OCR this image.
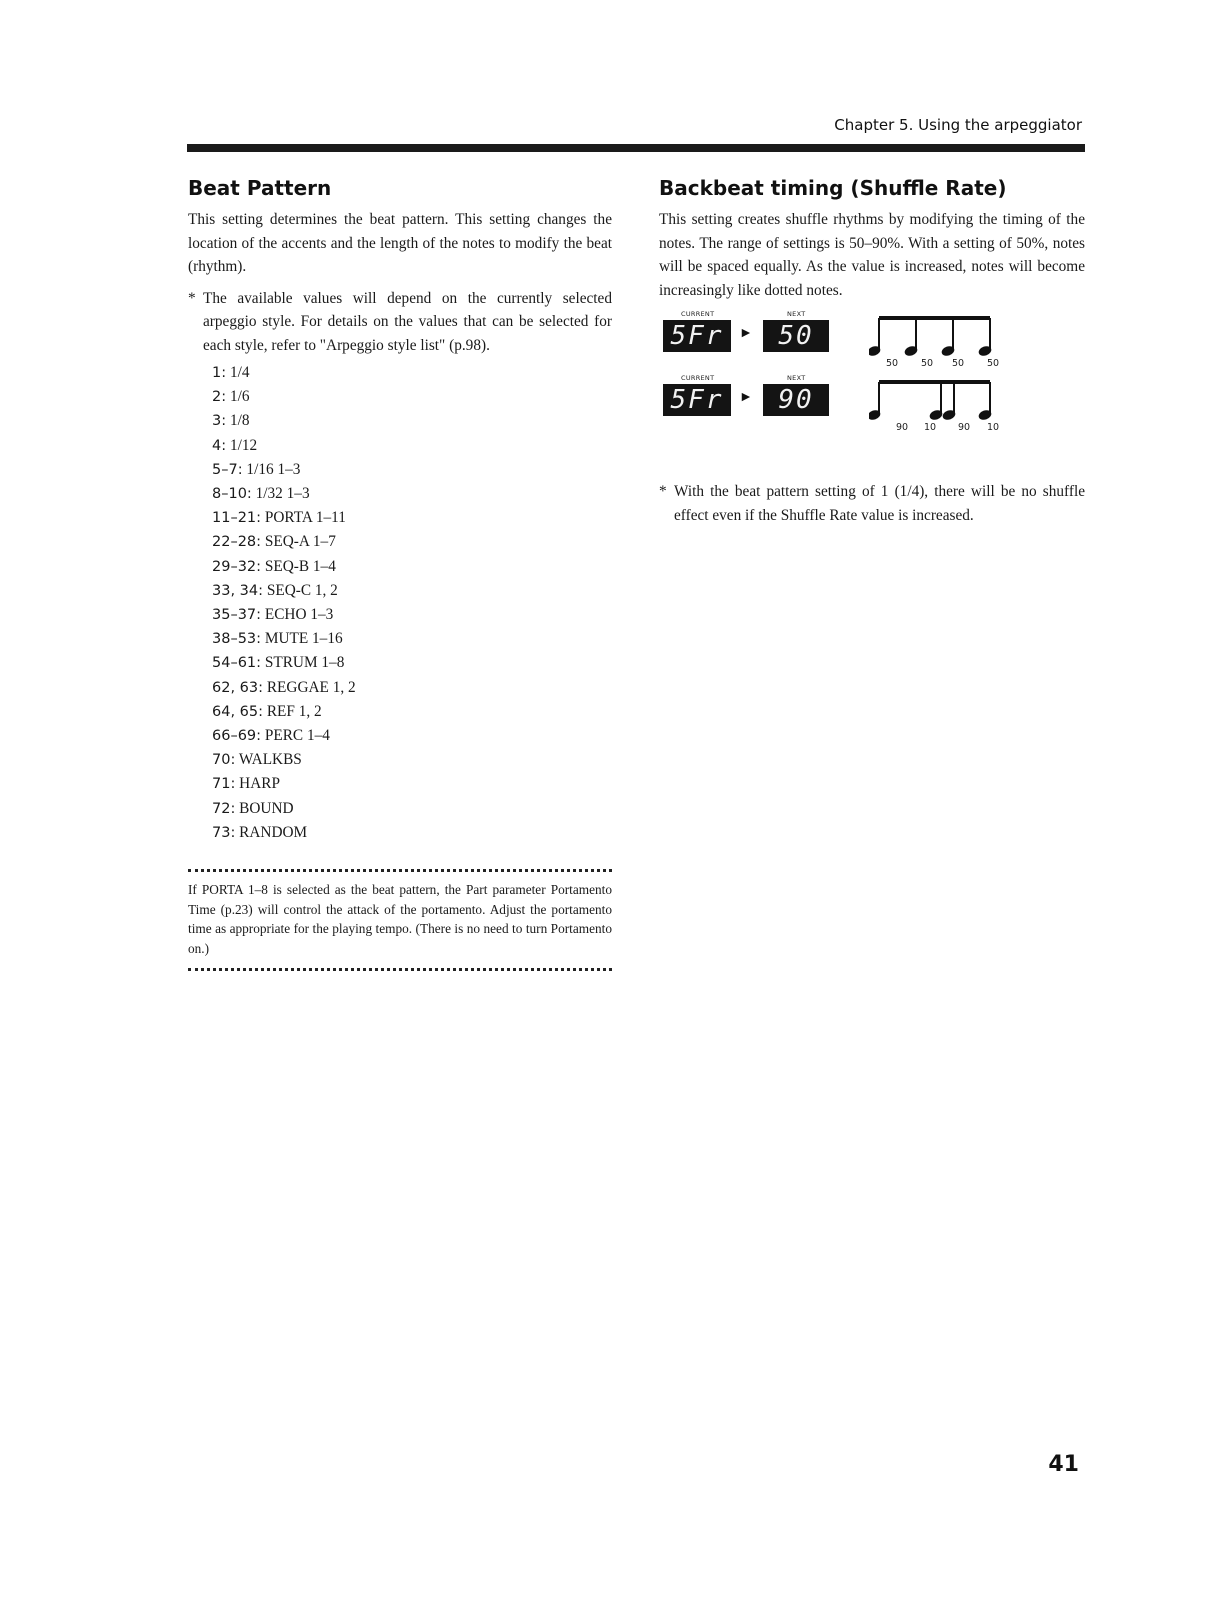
Chapter 5. Using the arpeggiator
Beat Pattern

This setting determines the beat pattern. This setting changes the location of the accents and the length of the notes to modify the beat (rhythm).

* The available values will depend on the currently selected arpeggio style. For details on the values that can be selected for each style, refer to "Arpeggio style list" (p.98).
1: 1/4
2: 1/6
3: 1/8
4: 1/12
5–7: 1/16 1–3
8–10: 1/32 1–3
11–21: PORTA 1–11
22–28: SEQ-A 1–7
29–32: SEQ-B 1–4
33, 34: SEQ-C 1, 2
35–37: ECHO 1–3
38–53: MUTE 1–16
54–61: STRUM 1–8
62, 63: REGGAE 1, 2
64, 65: REF 1, 2
66–69: PERC 1–4
70: WALKBS
71: HARP
72: BOUND
73: RANDOM

If PORTA 1–8 is selected as the beat pattern, the Part parameter Portamento Time (p.23) will control the attack of the portamento. Adjust the portamento time as appropriate for the playing tempo. (There is no need to turn Portamento on.)

Backbeat timing (Shuffle Rate)

This setting creates shuffle rhythms by modifying the timing of the notes. The range of settings is 50–90%. With a setting of 50%, notes will be spaced equally. As the value is increased, notes will become increasingly like dotted notes.

CURRENT	NEXT
5Fr	► 50
50 50 50 50
CURRENT	NEXT
5Fr	► 90
90 10 90 10
* With the beat pattern setting of 1 (1/4), there will be no shuffle effect even if the Shuffle Rate value is increased.
41
